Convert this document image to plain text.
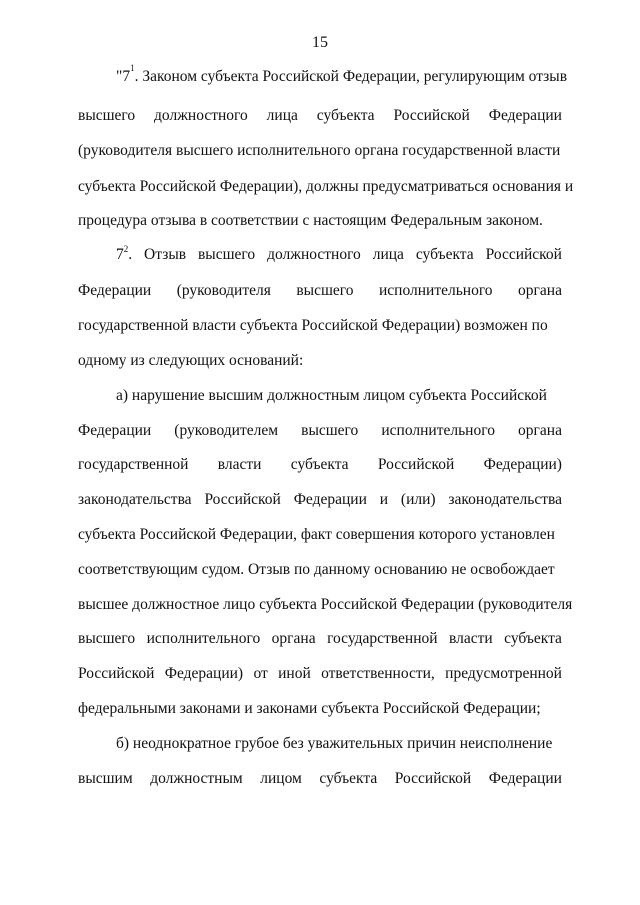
15
"7 1 . Законом субъекта Российской Федерации, регулирующим отзыв
высшего должностного лица субъекта Российской Федерации
(руководителя высшего исполнительного органа государственной власти
субъекта Российской Федерации), должны предусматриваться основания и
процедура отзыва в соответствии с настоящим Федеральным законом.
$7^2$. Отзыв высшего должностного лица субъекта Российской
Федерации (руководителя высшего исполнительного органа
государственной власти субъекта Российской Федерации) возможен по
одному из следующих оснований:
а) нарушение высшим должностным лицом субъекта Российской
Федерации (руководителем высшего исполнительного органа
государственной власти субъекта Российской Федерации)
законодательства Российской Федерации и (или) законодательства
субъекта Российской Федерации, факт совершения которого установлен
соответствующим судом. Отзыв по данному основанию не освобождает
высшее должностное лицо субъекта Российской Федерации (руководителя
высшего исполнительного органа государственной власти субъекта
Российской Федерации) от иной ответственности, предусмотренной
федеральными законами и законами субъекта Российской Федерации;
б) неоднократное грубое без уважительных причин неисполнение
высшим должностным лицом субъекта Российской Федерации
